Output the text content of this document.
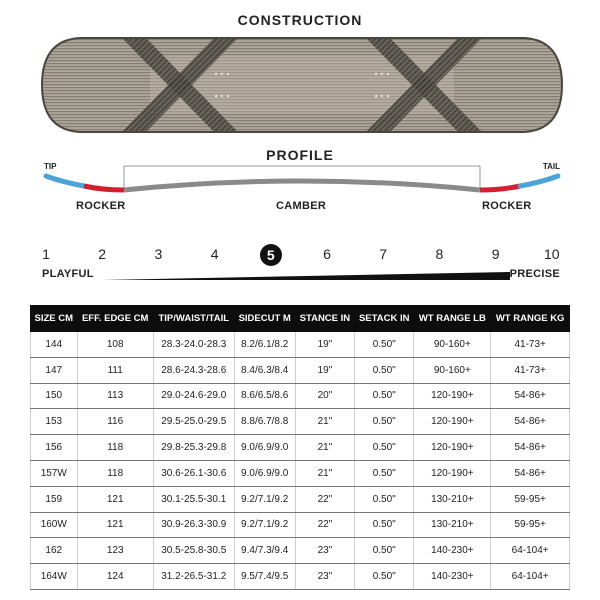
CONSTRUCTION
PROFILE
TIP	TAIL
ROCKER	CAMBER	ROCKER
1	2	3	4	5	6	7	8	9	10
PLAYFUL	PRECISE
SIZE CM	EFF. EDGE CM	TIP/WAIST/TAIL	SIDECUT M	STANCE IN	SETACK IN	WT RANGE LB	WT RANGE KG
144	108	28.3-24.0-28.3	8.2/6.1/8.2	19"	0.50"	90-160+	41-73+
147	111	28.6-24.3-28.6	8.4/6.3/8.4	19"	0.50"	90-160+	41-73+
150	113	29.0-24.6-29.0	8.6/6.5/8.6	20"	0.50"	120-190+	54-86+
153	116	29.5-25.0-29.5	8.8/6.7/8.8	21"	0.50"	120-190+	54-86+
156	118	29.8-25.3-29.8	9.0/6.9/9.0	21"	0.50"	120-190+	54-86+
157W	118	30.6-26.1-30.6	9.0/6.9/9.0	21"	0.50"	120-190+	54-86+
159	121	30.1-25.5-30.1	9.2/7.1/9.2	22"	0.50"	130-210+	59-95+
160W	121	30.9-26.3-30.9	9.2/7.1/9.2	22"	0.50"	130-210+	59-95+
162	123	30.5-25.8-30.5	9.4/7.3/9.4	23"	0.50"	140-230+	64-104+
164W	124	31.2-26.5-31.2	9.5/7.4/9.5	23"	0.50"	140-230+	64-104+
